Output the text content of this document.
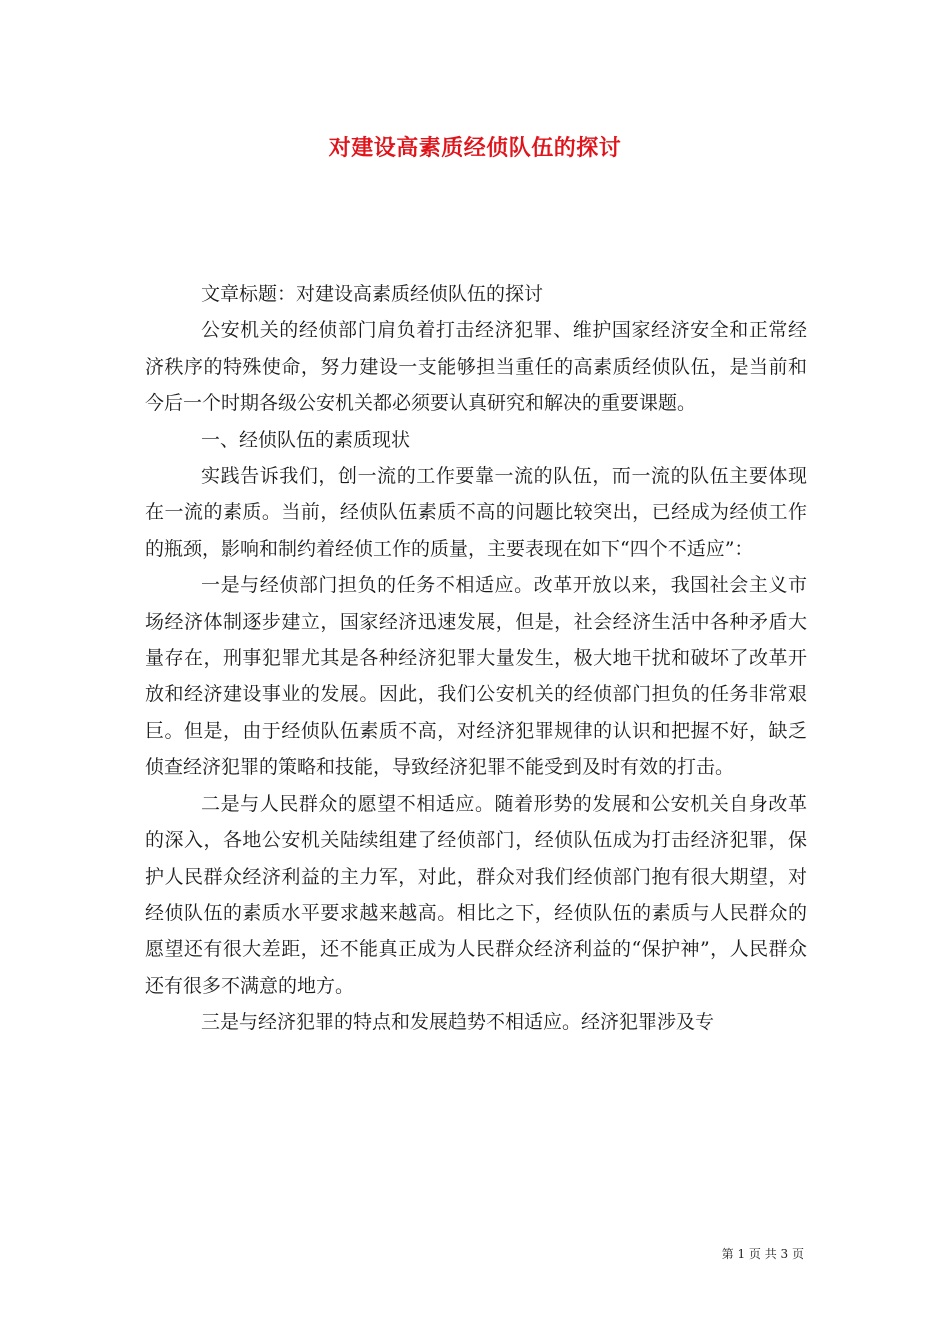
对建设高素质经侦队伍的探讨

文章标题：对建设高素质经侦队伍的探讨

公安机关的经侦部门肩负着打击经济犯罪、维护国家经济安全和正常经济秩序的特殊使命，努力建设一支能够担当重任的高素质经侦队伍，是当前和今后一个时期各级公安机关都必须要认真研究和解决的重要课题。

一、经侦队伍的素质现状

实践告诉我们，创一流的工作要靠一流的队伍，而一流的队伍主要体现在一流的素质。当前，经侦队伍素质不高的问题比较突出，已经成为经侦工作的瓶颈，影响和制约着经侦工作的质量，主要表现在如下“四个不适应”：

一是与经侦部门担负的任务不相适应。改革开放以来，我国社会主义市场经济体制逐步建立，国家经济迅速发展，但是，社会经济生活中各种矛盾大量存在，刑事犯罪尤其是各种经济犯罪大量发生，极大地干扰和破坏了改革开放和经济建设事业的发展。因此，我们公安机关的经侦部门担负的任务非常艰巨。但是，由于经侦队伍素质不高，对经济犯罪规律的认识和把握不好，缺乏侦查经济犯罪的策略和技能，导致经济犯罪不能受到及时有效的打击。

二是与人民群众的愿望不相适应。随着形势的发展和公安机关自身改革的深入，各地公安机关陆续组建了经侦部门，经侦队伍成为打击经济犯罪，保护人民群众经济利益的主力军，对此，群众对我们经侦部门抱有很大期望，对经侦队伍的素质水平要求越来越高。相比之下，经侦队伍的素质与人民群众的愿望还有很大差距，还不能真正成为人民群众经济利益的“保护神”，人民群众还有很多不满意的地方。

三是与经济犯罪的特点和发展趋势不相适应。经济犯罪涉及专

第 1 页 共 3 页
